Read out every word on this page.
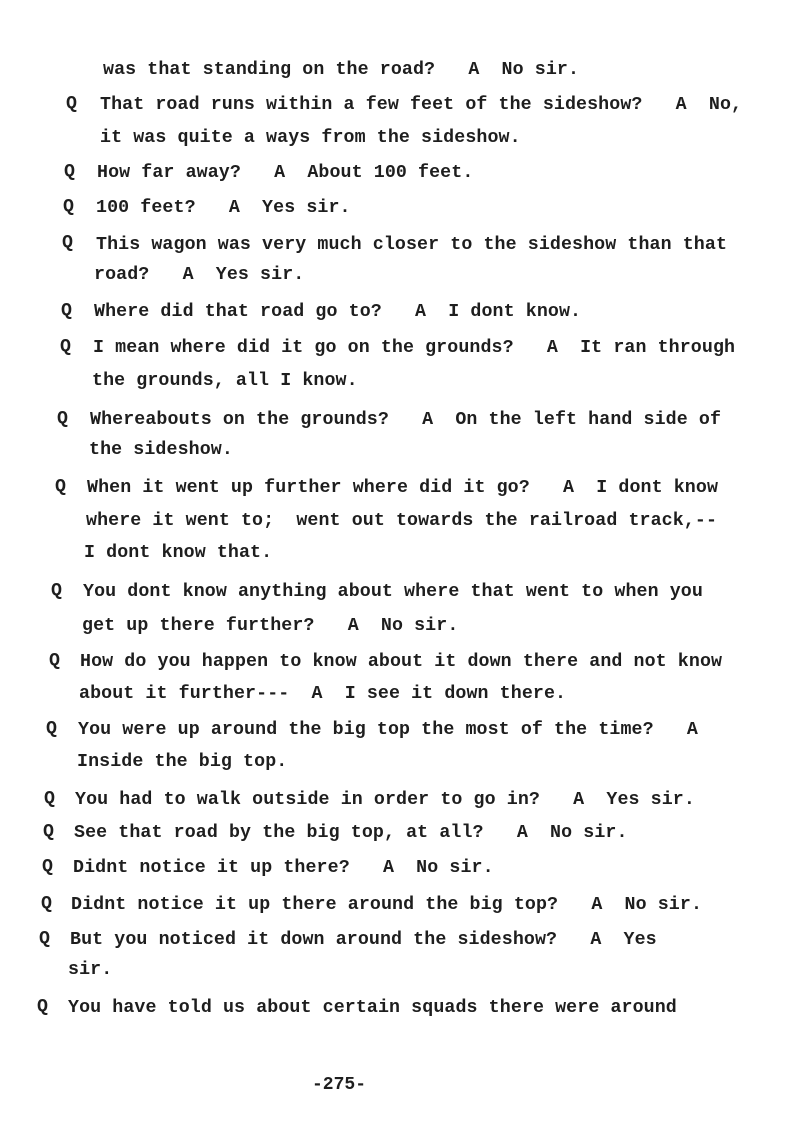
was that standing on the road?   A  No sir.
Q That road runs within a few feet of the sideshow?   A  No,
it was quite a ways from the sideshow.
Q How far away?   A  About 100 feet.
Q 100 feet?   A  Yes sir.
Q This wagon was very much closer to the sideshow than that
road?   A  Yes sir.
Q Where did that road go to?   A  I dont know.
Q I mean where did it go on the grounds?   A  It ran through
the grounds, all I know.
Q Whereabouts on the grounds?   A  On the left hand side of
the sideshow.
Q When it went up further where did it go?   A  I dont know
where it went to;  went out towards the railroad track,--
I dont know that.
Q You dont know anything about where that went to when you
get up there further?   A  No sir.
Q How do you happen to know about it down there and not know
about it further---  A  I see it down there.
Q You were up around the big top the most of the time?   A
Inside the big top.
Q You had to walk outside in order to go in?   A  Yes sir.
Q See that road by the big top, at all?   A  No sir.
Q Didnt notice it up there?   A  No sir.
Q Didnt notice it up there around the big top?   A  No sir.
Q But you noticed it down around the sideshow?   A  Yes
sir.
Q You have told us about certain squads there were around
-275-
